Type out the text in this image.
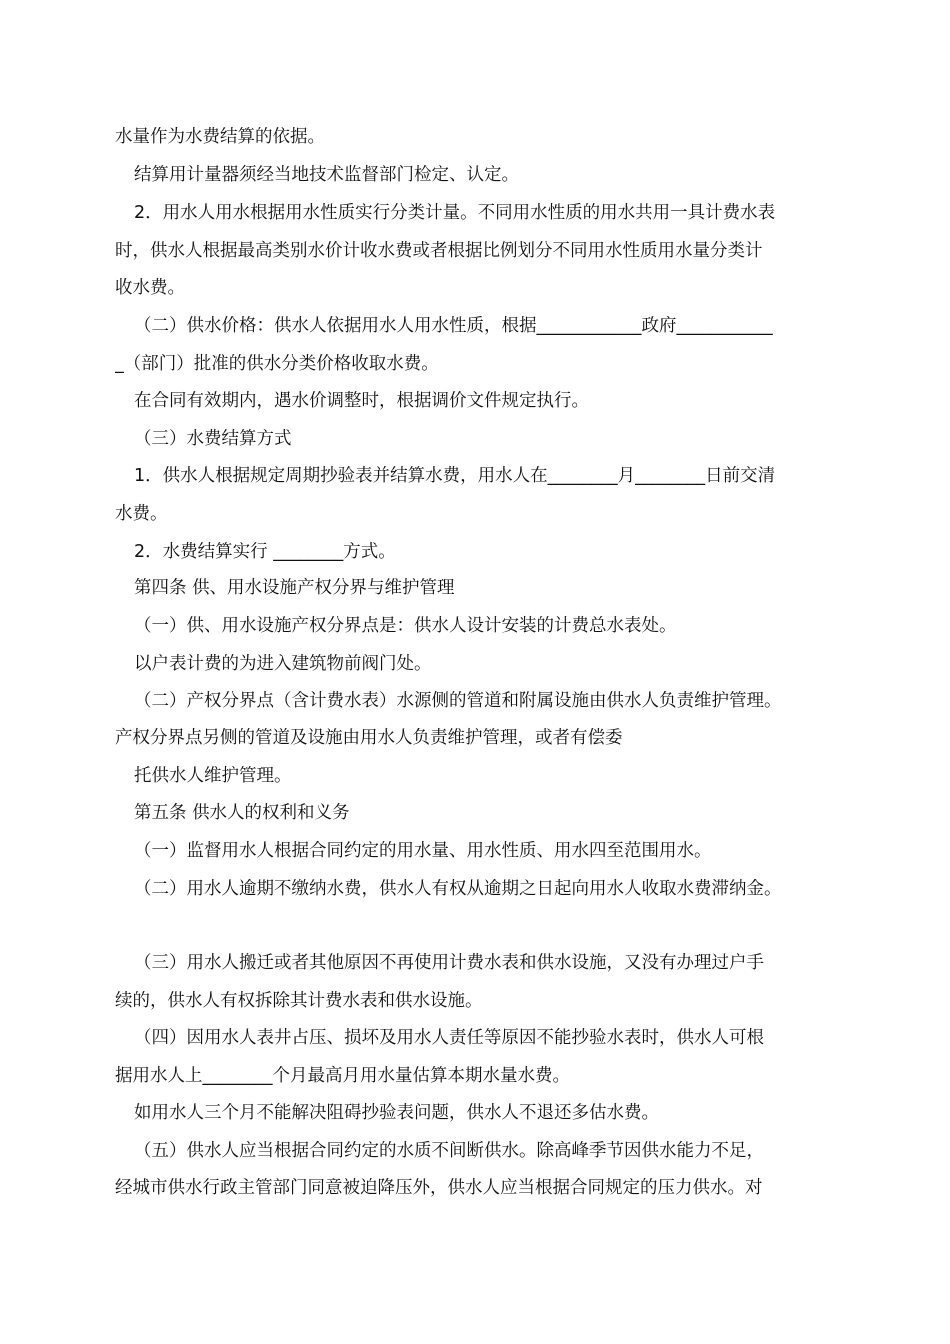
水量作为水费结算的依据。
结算用计量器须经当地技术监督部门检定、认定。
2．用水人用水根据用水性质实行分类计量。不同用水性质的用水共用一具计费水表
时，供水人根据最高类别水价计收水费或者根据比例划分不同用水性质用水量分类计
收水费。
（二）供水价格：供水人依据用水人用水性质，根据____________政府___________
_（部门）批准的供水分类价格收取水费。
在合同有效期内，遇水价调整时，根据调价文件规定执行。
（三）水费结算方式
1．供水人根据规定周期抄验表并结算水费，用水人在________月________日前交清
水费。
2．水费结算实行 ________方式。
第四条 供、用水设施产权分界与维护管理
（一）供、用水设施产权分界点是：供水人设计安装的计费总水表处。
以户表计费的为进入建筑物前阀门处。
（二）产权分界点（含计费水表）水源侧的管道和附属设施由供水人负责维护管理。
产权分界点另侧的管道及设施由用水人负责维护管理，或者有偿委
托供水人维护管理。
第五条 供水人的权利和义务
（一）监督用水人根据合同约定的用水量、用水性质、用水四至范围用水。
（二）用水人逾期不缴纳水费，供水人有权从逾期之日起向用水人收取水费滞纳金。
（三）用水人搬迁或者其他原因不再使用计费水表和供水设施，又没有办理过户手
续的，供水人有权拆除其计费水表和供水设施。
（四）因用水人表井占压、损坏及用水人责任等原因不能抄验水表时，供水人可根
据用水人上________个月最高月用水量估算本期水量水费。
如用水人三个月不能解决阻碍抄验表问题，供水人不退还多估水费。
（五）供水人应当根据合同约定的水质不间断供水。除高峰季节因供水能力不足，
经城市供水行政主管部门同意被迫降压外，供水人应当根据合同规定的压力供水。对
